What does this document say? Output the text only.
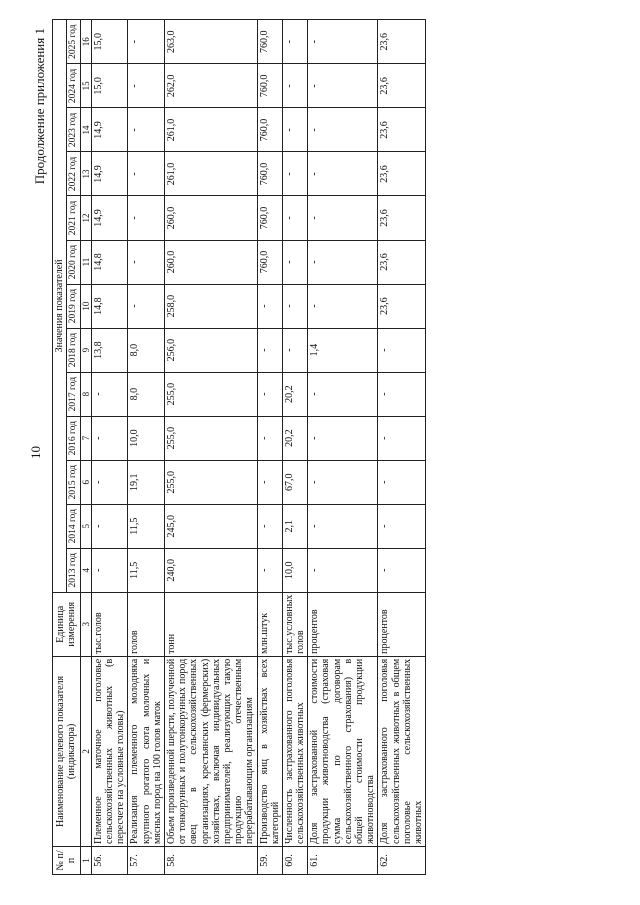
10
Продолжение приложения 1
№ п/п	Наименование целевого показателя (индикатора)	Единица измерения	Значения показателей												
			2013 год	2014 год	2015 год	2016 год	2017 год	2018 год	2019 год	2020 год	2021 год	2022 год	2023 год	2024 год	2025 год
1	2	3	4	5	6	7	8	9	10	11	12	13	14	15	16
56.	Племенное маточное поголовье сельскохозяйственных животных (в пересчете на условные головы)	тыс.голов	-	-	-	-	-	13,8	14,8	14,8	14,9	14,9	14,9	15,0	15,0
57.	Реализация племенного молодняка крупного рогатого скота молочных и мясных пород на 100 голов маток	голов	11,5	11,5	19,1	10,0	8,0	8,0	-	-	-	-	-	-	-
58.	Объем произведенной шерсти, полученной от тонкорунных и полутонкорунных пород овец в сельскохозяйственных организациях, крестьянских (фермерских) хозяйствах, включая индивидуальных предпринимателей, реализующих такую продукцию отечественным перерабатывающим организациям	тонн	240,0	245,0	255,0	255,0	255,0	256,0	258,0	260,0	260,0	261,0	261,0	262,0	263,0
59.	Производство яиц в хозяйствах всех категорий	млн.штук	-	-	-	-	-	-	-	760,0	760,0	760,0	760,0	760,0	760,0
60.	Численность застрахованного поголовья сельскохозяйственных животных	тыс.условных голов	10,0	2,1	67,0	20,2	20,2	-	-	-	-	-	-	-	-
61.	Доля застрахованной стоимости продукции животноводства (страховая сумма по договорам сельскохозяйственного страхования) в общей стоимости продукции животноводства	процентов	-	-	-	-	-	1,4	-	-	-	-	-	-	-
62.	Доля застрахованного поголовья сельскохозяйственных животных в общем поголовье сельскохозяйственных животных	процентов	-	-	-	-	-	-	23,6	23,6	23,6	23,6	23,6	23,6	23,6
